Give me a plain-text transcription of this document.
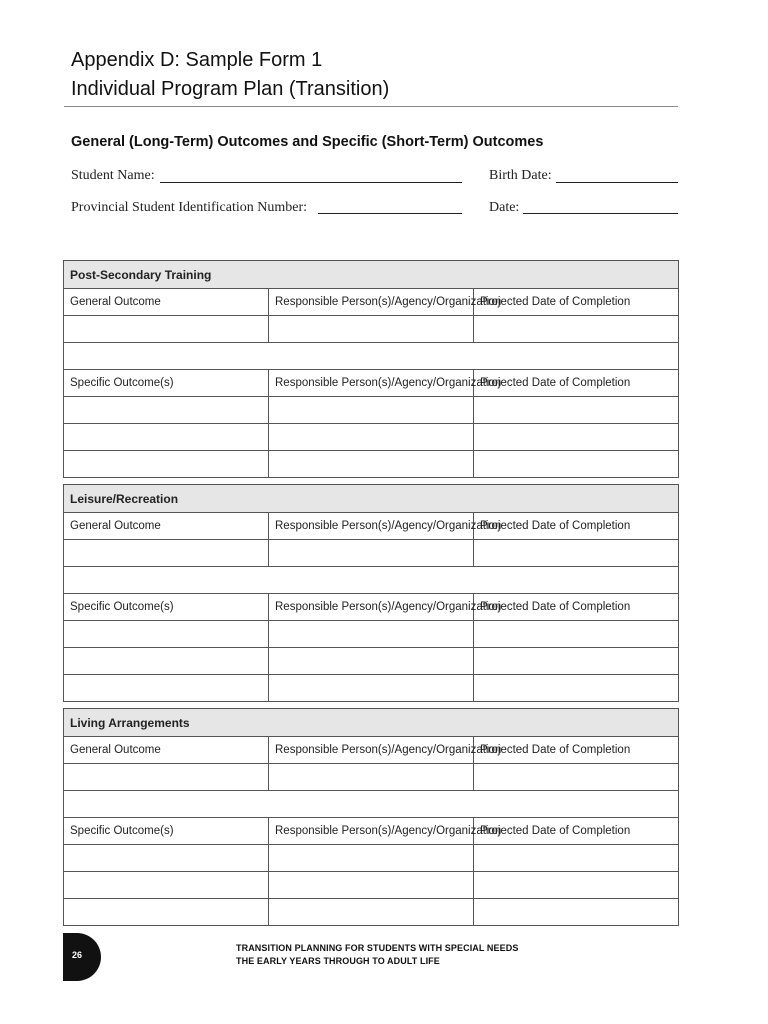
Appendix D: Sample Form 1
Individual Program Plan (Transition)
General (Long-Term) Outcomes and Specific (Short-Term) Outcomes
Student Name:	Birth Date:
Provincial Student Identification Number:	Date:
Post-Secondary Training		
General Outcome	Responsible Person(s)/Agency/Organization	Projected Date of Completion

Specific Outcome(s)	Responsible Person(s)/Agency/Organization	Projected Date of Completion

Leisure/Recreation		
General Outcome	Responsible Person(s)/Agency/Organization	Projected Date of Completion

Specific Outcome(s)	Responsible Person(s)/Agency/Organization	Projected Date of Completion

Living Arrangements		
General Outcome	Responsible Person(s)/Agency/Organization	Projected Date of Completion

Specific Outcome(s)	Responsible Person(s)/Agency/Organization	Projected Date of Completion

26
TRANSITION PLANNING FOR STUDENTS WITH SPECIAL NEEDS
THE EARLY YEARS THROUGH TO ADULT LIFE
